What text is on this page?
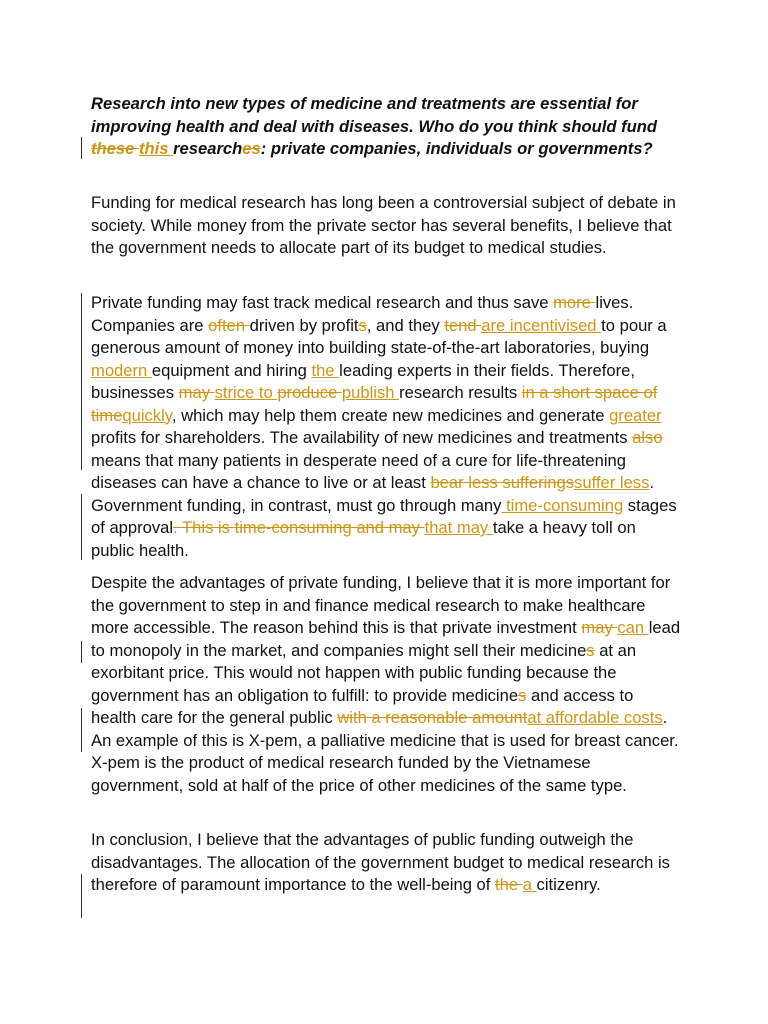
Research into new types of medicine and treatments are essential for improving health and deal with diseases. Who do you think should fund these this researches: private companies, individuals or governments?

Funding for medical research has long been a controversial subject of debate in society. While money from the private sector has several benefits, I believe that the government needs to allocate part of its budget to medical studies.

Private funding may fast track medical research and thus save more lives. Companies are often driven by profits, and they tend are incentivised to pour a generous amount of money into building state-of-the-art laboratories, buying modern equipment and hiring the leading experts in their fields. Therefore, businesses may strice to produce publish research results in a short space of timequickly, which may help them create new medicines and generate greater profits for shareholders. The availability of new medicines and treatments also means that many patients in desperate need of a cure for life-threatening diseases can have a chance to live or at least bear less sufferingssuffer less. Government funding, in contrast, must go through many time-consuming stages of approval. This is time-consuming and may that may take a heavy toll on public health.

Despite the advantages of private funding, I believe that it is more important for the government to step in and finance medical research to make healthcare more accessible. The reason behind this is that private investment may can lead to monopoly in the market, and companies might sell their medicines at an exorbitant price. This would not happen with public funding because the government has an obligation to fulfill: to provide medicines and access to health care for the general public with a reasonable amountat affordable costs. An example of this is X-pem, a palliative medicine that is used for breast cancer. X-pem is the product of medical research funded by the Vietnamese government, sold at half of the price of other medicines of the same type.

In conclusion, I believe that the advantages of public funding outweigh the disadvantages. The allocation of the government budget to medical research is therefore of paramount importance to the well-being of the a citizenry.
